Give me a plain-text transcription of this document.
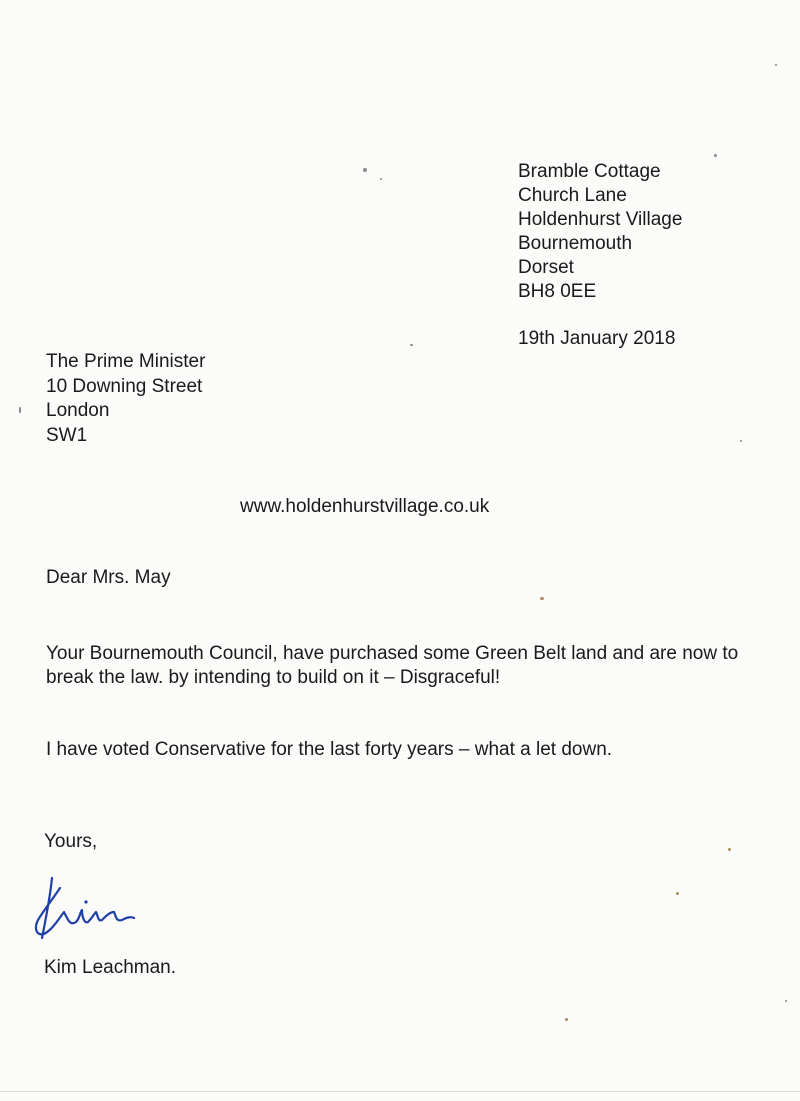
Bramble Cottage
Church Lane
Holdenhurst Village
Bournemouth
Dorset
BH8 0EE
19th January 2018
The Prime Minister
10 Downing Street
London
SW1
www.holdenhurstvillage.co.uk
Dear Mrs. May
Your Bournemouth Council, have purchased some Green Belt land and are now to break the law. by intending to build on it – Disgraceful!
I have voted Conservative for the last forty years – what a let down.
Yours,
Kim Leachman.
